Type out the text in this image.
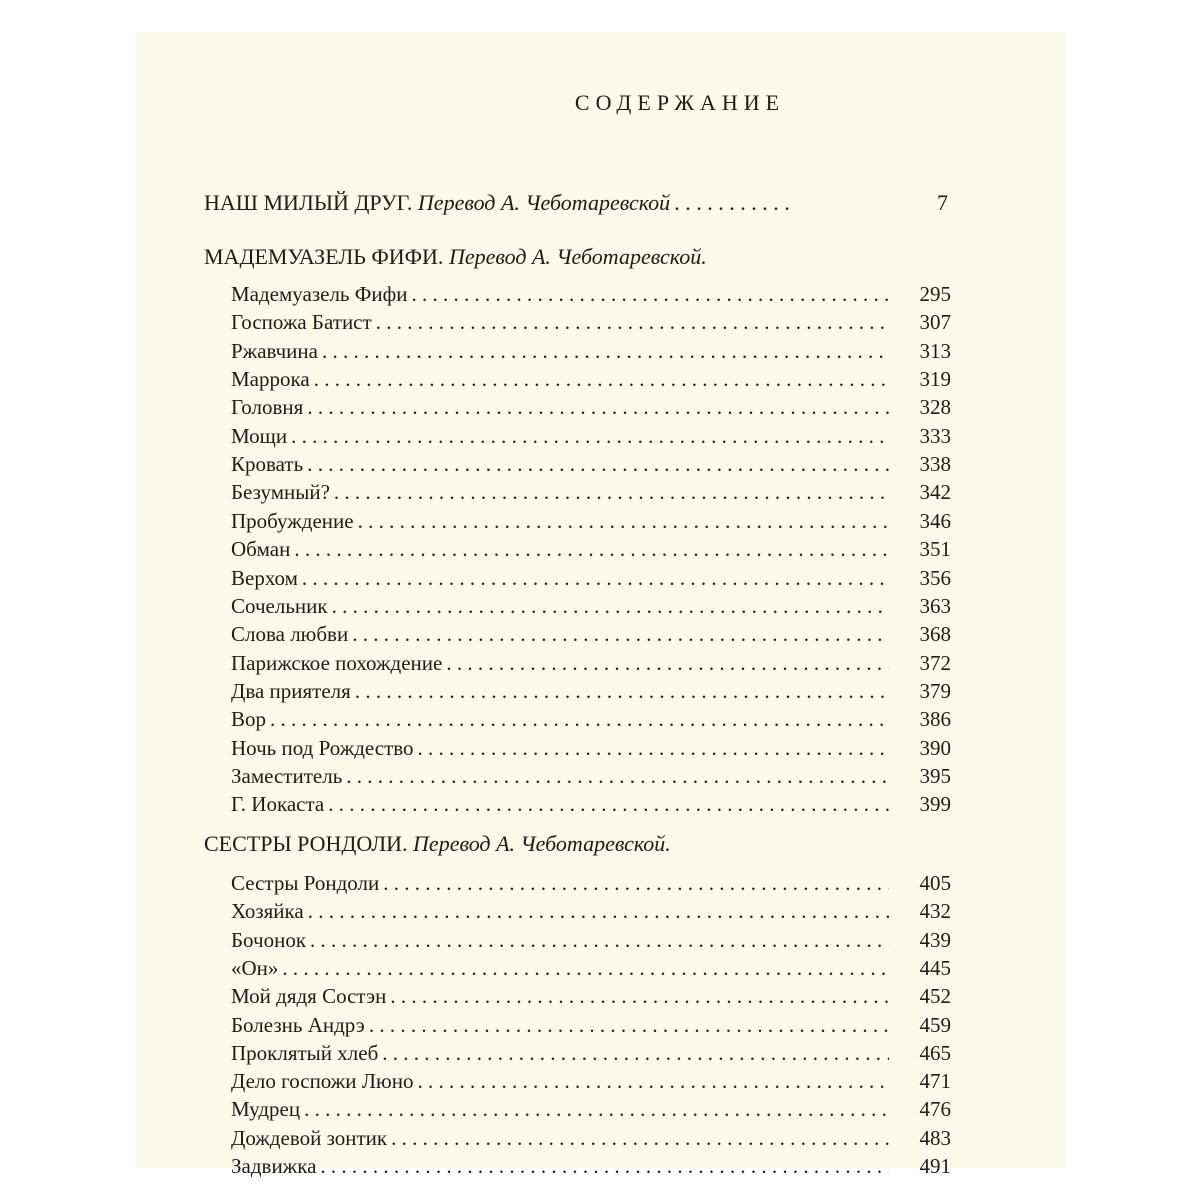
СОДЕРЖАНИЕ
НАШ МИЛЫЙ ДРУГ.
Перевод А. Чеботаревской . . .	7
МАДЕМУАЗЕЛЬ ФИФИ.
Перевод А. Чеботаревской.
Мадемуазель Фифи . . .	295
Госпожа Батист . . .	307
Ржавчина . . .	313
Маррока . . .	319
Головня . . .	328
Мощи . . .	333
Кровать . . .	338
Безумный? . . .	342
Пробуждение . . .	346
Обман . . .	351
Верхом . . .	356
Сочельник . . .	363
Слова любви . . .	368
Парижское похождение . . .	372
Два приятеля . . .	379
Вор . . .	386
Ночь под Рождество . . .	390
Заместитель . . .	395
Г. Иокаста . . .	399
СЕСТРЫ РОНДОЛИ.
Перевод А. Чеботаревской.
Сестры Рондоли . . .	405
Хозяйка . . .	432
Бочонок . . .	439
«Он» . . .	445
Мой дядя Состэн . . .	452
Болезнь Андрэ . . .	459
Проклятый хлеб . . .	465
Дело госпожи Люно . . .	471
Мудрец . . .	476
Дождевой зонтик . . .	483
Задвижка . . .	491
